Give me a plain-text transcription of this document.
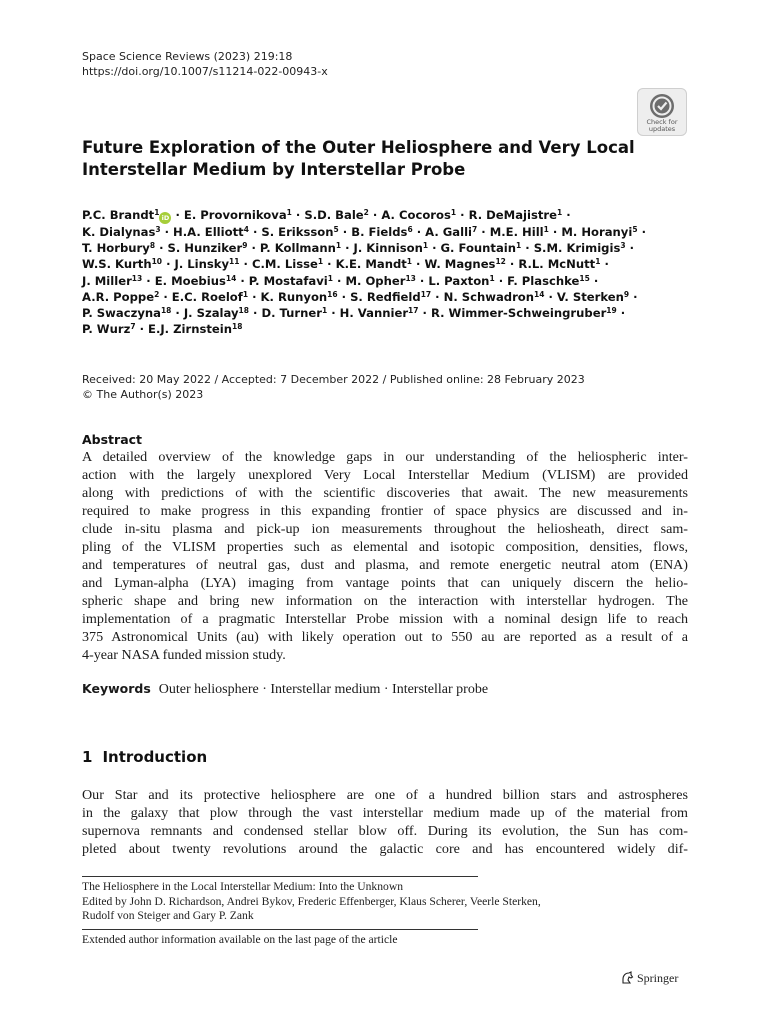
Space Science Reviews (2023) 219:18
https://doi.org/10.1007/s11214-022-00943-x
Check for
updates
Future Exploration of the Outer Heliosphere and Very Local
Interstellar Medium by Interstellar Probe
P.C. Brandt$^1$iD · E. Provornikova$^1$ · S.D. Bale$^2$ · A. Cocoros$^1$ · R. DeMajistre$^1$ ·
K. Dialynas$^3$ · H.A. Elliott$^4$ · S. Eriksson$^5$ · B. Fields$^6$ · A. Galli$^7$ · M.E. Hill$^1$ · M. Horanyi$^5$ ·
T. Horbury$^8$ · S. Hunziker$^9$ · P. Kollmann$^1$ · J. Kinnison$^1$ · G. Fountain$^1$ · S.M. Krimigis$^3$ ·
W.S. Kurth$^{10}$ · J. Linsky$^{11}$ · C.M. Lisse$^1$ · K.E. Mandt$^1$ · W. Magnes$^{12}$ · R.L. McNutt$^1$ ·
J. Miller$^{13}$ · E. Moebius$^{14}$ · P. Mostafavi$^1$ · M. Opher$^{13}$ · L. Paxton$^1$ · F. Plaschke$^{15}$ ·
A.R. Poppe$^2$ · E.C. Roelof$^1$ · K. Runyon$^{16}$ · S. Redfield$^{17}$ · N. Schwadron$^{14}$ · V. Sterken$^9$ ·
P. Swaczyna$^{18}$ · J. Szalay$^{18}$ · D. Turner$^1$ · H. Vannier$^{17}$ · R. Wimmer-Schweingruber$^{19}$ ·
P. Wurz$^7$ · E.J. Zirnstein$^{18}$
Received: 20 May 2022 / Accepted: 7 December 2022 / Published online: 28 February 2023
© The Author(s) 2023
Abstract
A detailed overview of the knowledge gaps in our understanding of the heliospheric inter-
action with the largely unexplored Very Local Interstellar Medium (VLISM) are provided
along with predictions of with the scientific discoveries that await. The new measurements
required to make progress in this expanding frontier of space physics are discussed and in-
clude in-situ plasma and pick-up ion measurements throughout the heliosheath, direct sam-
pling of the VLISM properties such as elemental and isotopic composition, densities, flows,
and temperatures of neutral gas, dust and plasma, and remote energetic neutral atom (ENA)
and Lyman-alpha (LYA) imaging from vantage points that can uniquely discern the helio-
spheric shape and bring new information on the interaction with interstellar hydrogen. The
implementation of a pragmatic Interstellar Probe mission with a nominal design life to reach
375 Astronomical Units (au) with likely operation out to 550 au are reported as a result of a
4-year NASA funded mission study.
Keywords Outer heliosphere · Interstellar medium · Interstellar probe
1 Introduction
Our Star and its protective heliosphere are one of a hundred billion stars and astrospheres
in the galaxy that plow through the vast interstellar medium made up of the material from
supernova remnants and condensed stellar blow off. During its evolution, the Sun has com-
pleted about twenty revolutions around the galactic core and has encountered widely dif-
The Heliosphere in the Local Interstellar Medium: Into the Unknown
Edited by John D. Richardson, Andrei Bykov, Frederic Effenberger, Klaus Scherer, Veerle Sterken,
Rudolf von Steiger and Gary P. Zank
Extended author information available on the last page of the article
Springer
